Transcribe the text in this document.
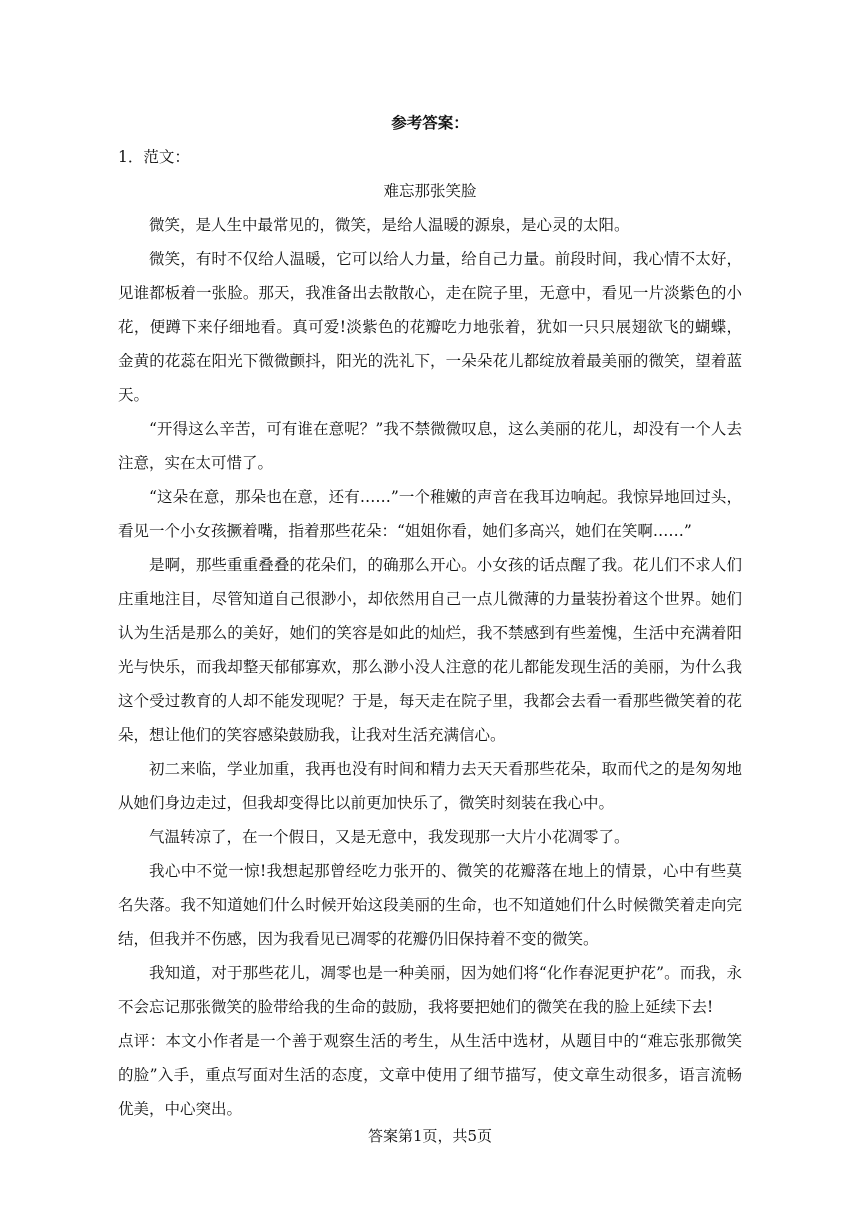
参考答案：
1．范文：
难忘那张笑脸

微笑，是人生中最常见的，微笑，是给人温暖的源泉，是心灵的太阳。

微笑，有时不仅给人温暖，它可以给人力量，给自己力量。前段时间，我心情不太好，见谁都板着一张脸。那天，我准备出去散散心，走在院子里，无意中，看见一片淡紫色的小花，便蹲下来仔细地看。真可爱!淡紫色的花瓣吃力地张着，犹如一只只展翅欲飞的蝴蝶，金黄的花蕊在阳光下微微颤抖，阳光的洗礼下，一朵朵花儿都绽放着最美丽的微笑，望着蓝天。

“开得这么辛苦，可有谁在意呢？”我不禁微微叹息，这么美丽的花儿，却没有一个人去注意，实在太可惜了。

“这朵在意，那朵也在意，还有……”一个稚嫩的声音在我耳边响起。我惊异地回过头，看见一个小女孩撅着嘴，指着那些花朵：“姐姐你看，她们多高兴，她们在笑啊……”

是啊，那些重重叠叠的花朵们，的确那么开心。小女孩的话点醒了我。花儿们不求人们庄重地注目，尽管知道自己很渺小，却依然用自己一点儿微薄的力量装扮着这个世界。她们认为生活是那么的美好，她们的笑容是如此的灿烂，我不禁感到有些羞愧，生活中充满着阳光与快乐，而我却整天郁郁寡欢，那么渺小没人注意的花儿都能发现生活的美丽，为什么我这个受过教育的人却不能发现呢？于是，每天走在院子里，我都会去看一看那些微笑着的花朵，想让他们的笑容感染鼓励我，让我对生活充满信心。

初二来临，学业加重，我再也没有时间和精力去天天看那些花朵，取而代之的是匆匆地从她们身边走过，但我却变得比以前更加快乐了，微笑时刻装在我心中。

气温转凉了，在一个假日，又是无意中，我发现那一大片小花凋零了。

我心中不觉一惊!我想起那曾经吃力张开的、微笑的花瓣落在地上的情景，心中有些莫名失落。我不知道她们什么时候开始这段美丽的生命，也不知道她们什么时候微笑着走向完结，但我并不伤感，因为我看见已凋零的花瓣仍旧保持着不变的微笑。

我知道，对于那些花儿，凋零也是一种美丽，因为她们将“化作春泥更护花”。而我，永不会忘记那张微笑的脸带给我的生命的鼓励，我将要把她们的微笑在我的脸上延续下去!

点评：本文小作者是一个善于观察生活的考生，从生活中选材，从题目中的“难忘张那微笑的脸”入手，重点写面对生活的态度，文章中使用了细节描写，使文章生动很多，语言流畅优美，中心突出。

答案第1页，共5页
